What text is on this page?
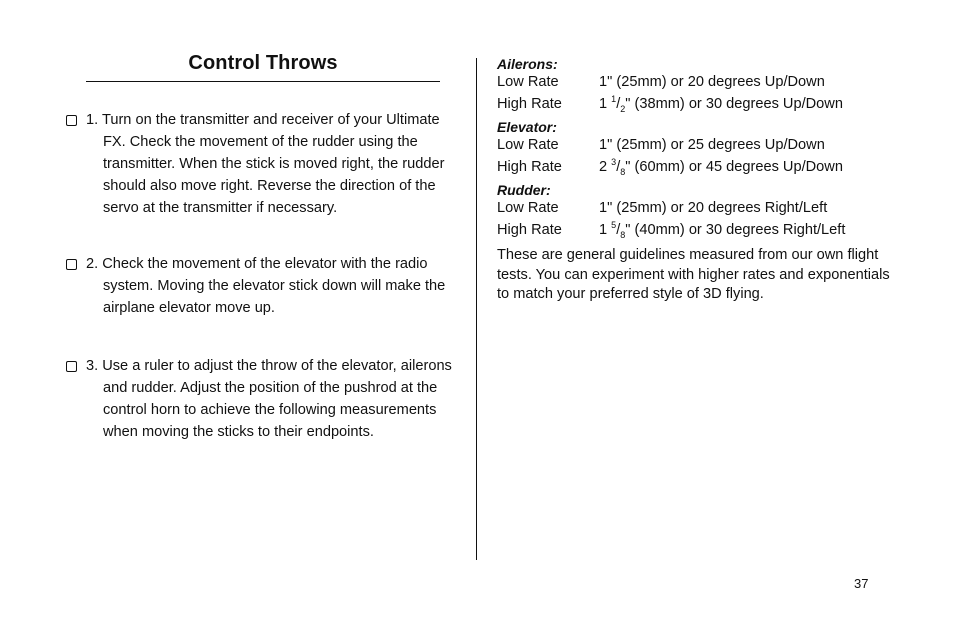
Control Throws
1. Turn on the transmitter and receiver of your Ultimate
FX. Check the movement of the rudder using the
transmitter. When the stick is moved right, the rudder
should also move right. Reverse the direction of the
servo at the transmitter if necessary.
2. Check the movement of the elevator with the radio
system. Moving the elevator stick down will make the
airplane elevator move up.
3. Use a ruler to adjust the throw of the elevator, ailerons
and rudder. Adjust the position of the pushrod at the
control horn to achieve the following measurements
when moving the sticks to their endpoints.
Ailerons:
Low Rate	1" (25mm) or 20 degrees Up/Down
High Rate	1 $^1/_2$" (38mm) or 30 degrees Up/Down
Elevator:
Low Rate	1" (25mm) or 25 degrees Up/Down
High Rate	2 $^3/_8$" (60mm) or 45 degrees Up/Down
Rudder:
Low Rate	1" (25mm) or 20 degrees Right/Left
High Rate	1 $^5/_8$" (40mm) or 30 degrees Right/Left
These are general guidelines measured from our own flight
tests. You can experiment with higher rates and exponentials
to match your preferred style of 3D flying.
37
